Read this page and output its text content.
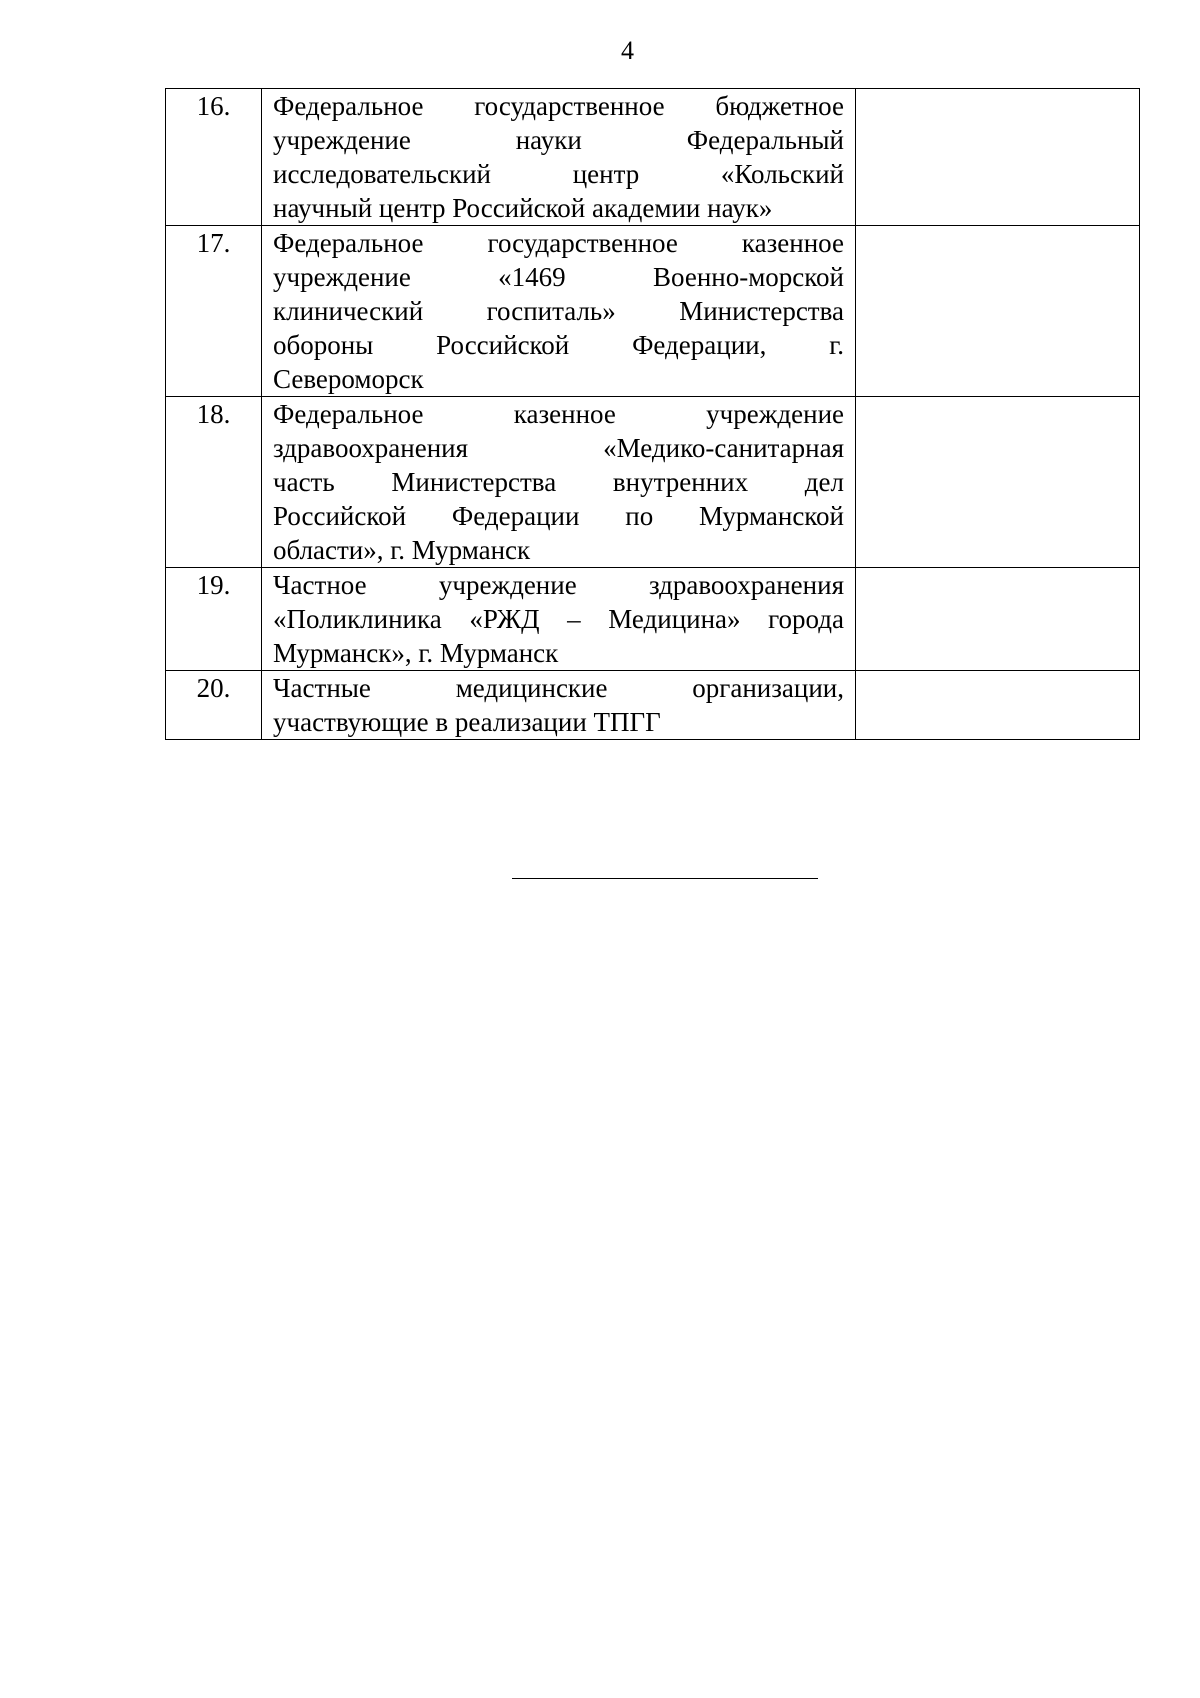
4
16.	Федеральное государственное бюджетное
учреждение науки Федеральный
исследовательский центр «Кольский
научный центр Российской академии наук»	

17.	Федеральное государственное казенное
учреждение «1469 Военно-морской
клинический госпиталь» Министерства
обороны Российской Федерации, г.
Североморск	

18.	Федеральное казенное учреждение
здравоохранения «Медико-санитарная
часть Министерства внутренних дел
Российской Федерации по Мурманской
области», г. Мурманск	

19.	Частное учреждение здравоохранения
«Поликлиника «РЖД – Медицина» города
Мурманск», г. Мурманск	

20.	Частные медицинские организации,
участвующие в реализации ТПГГ	
